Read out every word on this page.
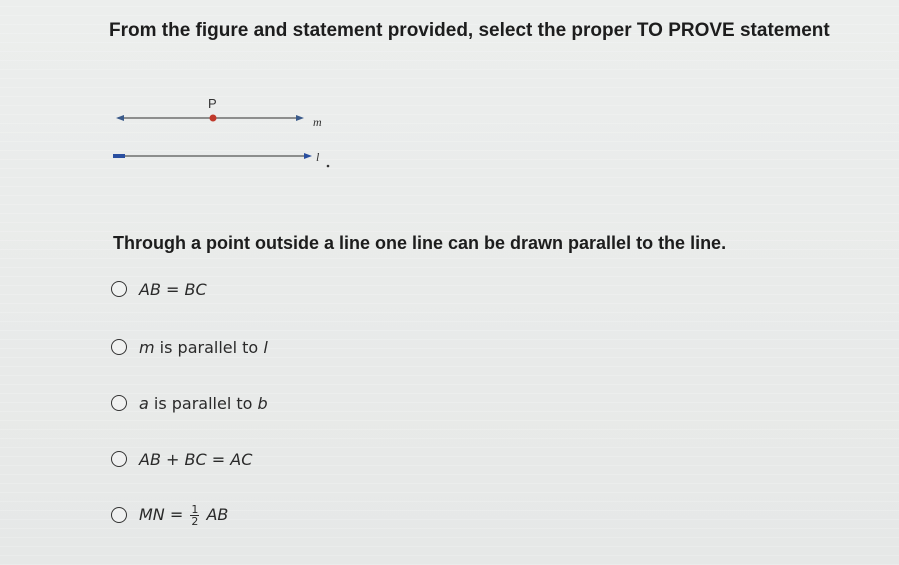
From the figure and statement provided, select the proper TO PROVE statement
P
m
l
Through a point outside a line one line can be drawn parallel to the line.
AB = BC
m is parallel to l
a is parallel to b
AB + BC = AC
MN = $\frac{1}{2}$ AB
